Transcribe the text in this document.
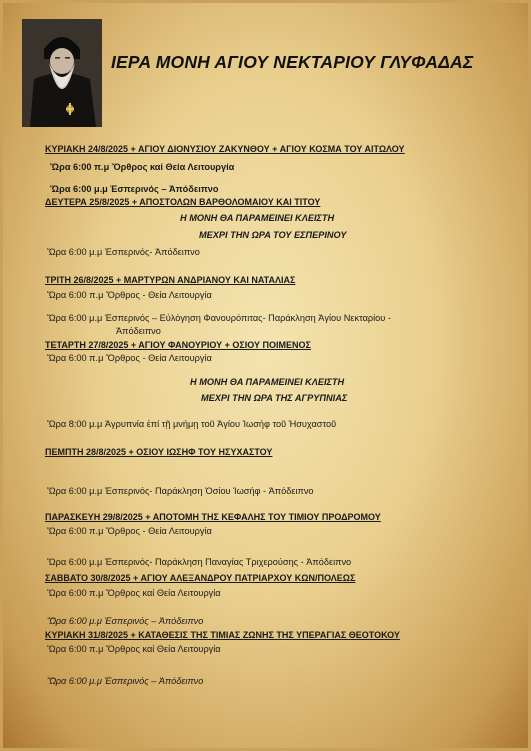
ΙΕΡΑ ΜΟΝΗ ΑΓΙΟΥ ΝΕΚΤΑΡΙΟΥ ΓΛΥΦΑΔΑΣ
ΚΥΡΙΑΚΗ 24/8/2025 + ΑΓΙΟΥ ΔΙΟΝΥΣΙΟΥ ΖΑΚΥΝΘΟΥ + ΑΓΙΟΥ ΚΟΣΜΑ ΤΟΥ ΑΙΤΩΛΟΥ
Ὥρα 6:00 π.μ Ὄρθρος καί Θεία Λειτουργία
Ὥρα 6:00 μ.μ Ἑσπερινός – Ἀπόδειπνο
ΔΕΥΤΕΡΑ 25/8/2025 + ΑΠΟΣΤΟΛΩΝ ΒΑΡΘΟΛΟΜΑΙΟΥ ΚΑΙ ΤΙΤΟΥ
Η ΜΟΝΗ ΘΑ ΠΑΡΑΜΕΙΝΕΙ ΚΛΕΙΣΤΗ
ΜΕΧΡΙ ΤΗΝ ΩΡΑ ΤΟΥ ΕΣΠΕΡΙΝΟΥ
Ὥρα 6:00 μ.μ Ἑσπερινός- Ἀπόδειπνο
ΤΡΙΤΗ 26/8/2025 + ΜΑΡΤΥΡΩΝ ΑΝΔΡΙΑΝΟΥ ΚΑΙ ΝΑΤΑΛΙΑΣ
Ὥρα 6:00 π.μ Ὄρθρος - Θεία Λειτουργία
Ὥρα 6:00 μ.μ Ἑσπερινός – Εὐλόγηση Φανουρόπιτας- Παράκληση Ἁγίου Νεκταρίου -
Ἀπόδειπνο
ΤΕΤΑΡΤΗ 27/8/2025 + ΑΓΙΟΥ ΦΑΝΟΥΡΙΟΥ + ΟΣΙΟΥ ΠΟΙΜΕΝΟΣ
Ὥρα 6:00 π.μ Ὄρθρος - Θεία Λειτουργία
Η ΜΟΝΗ ΘΑ ΠΑΡΑΜΕΙΝΕΙ ΚΛΕΙΣΤΗ
ΜΕΧΡΙ ΤΗΝ ΩΡΑ ΤΗΣ ΑΓΡΥΠΝΙΑΣ
Ὥρα 8:00 μ.μ Ἀγρυπνία ἐπί τῇ μνήμῃ τοῦ Ἁγίου Ἰωσήφ τοῦ Ἡσυχαστοῦ
ΠΕΜΠΤΗ 28/8/2025 + ΟΣΙΟΥ ΙΩΣΗΦ ΤΟΥ ΗΣΥΧΑΣΤΟΥ
Ὥρα 6:00 μ.μ Ἑσπερινός- Παράκληση Ὁσίου Ἰωσήφ - Ἀπόδειπνο
ΠΑΡΑΣΚΕΥΗ 29/8/2025 + ΑΠΟΤΟΜΗ ΤΗΣ ΚΕΦΑΛΗΣ ΤΟΥ ΤΙΜΙΟΥ ΠΡΟΔΡΟΜΟΥ
Ὥρα 6:00 π.μ Ὄρθρος - Θεία Λειτουργία
Ὥρα 6:00 μ.μ Ἑσπερινός- Παράκληση Παναγίας Τριχερούσης - Ἀπόδειπνο
ΣΑΒΒΑΤΟ 30/8/2025 + ΑΓΙΟΥ ΑΛΕΞΑΝΔΡΟΥ ΠΑΤΡΙΑΡΧΟΥ ΚΩΝ/ΠΟΛΕΩΣ
Ὥρα 6:00 π.μ Ὄρθρος καί Θεία Λειτουργία
Ὥρα 6:00 μ.μ Ἑσπερινός – Ἀπόδειπνο
ΚΥΡΙΑΚΗ 31/8/2025 + ΚΑΤΑΘΕΣΙΣ ΤΗΣ ΤΙΜΙΑΣ ΖΩΝΗΣ ΤΗΣ ΥΠΕΡΑΓΙΑΣ ΘΕΟΤΟΚΟΥ
Ὥρα 6:00 π.μ Ὄρθρος καί Θεία Λειτουργία
Ὥρα 6:00 μ.μ Ἑσπερινός – Ἀπόδειπνο
